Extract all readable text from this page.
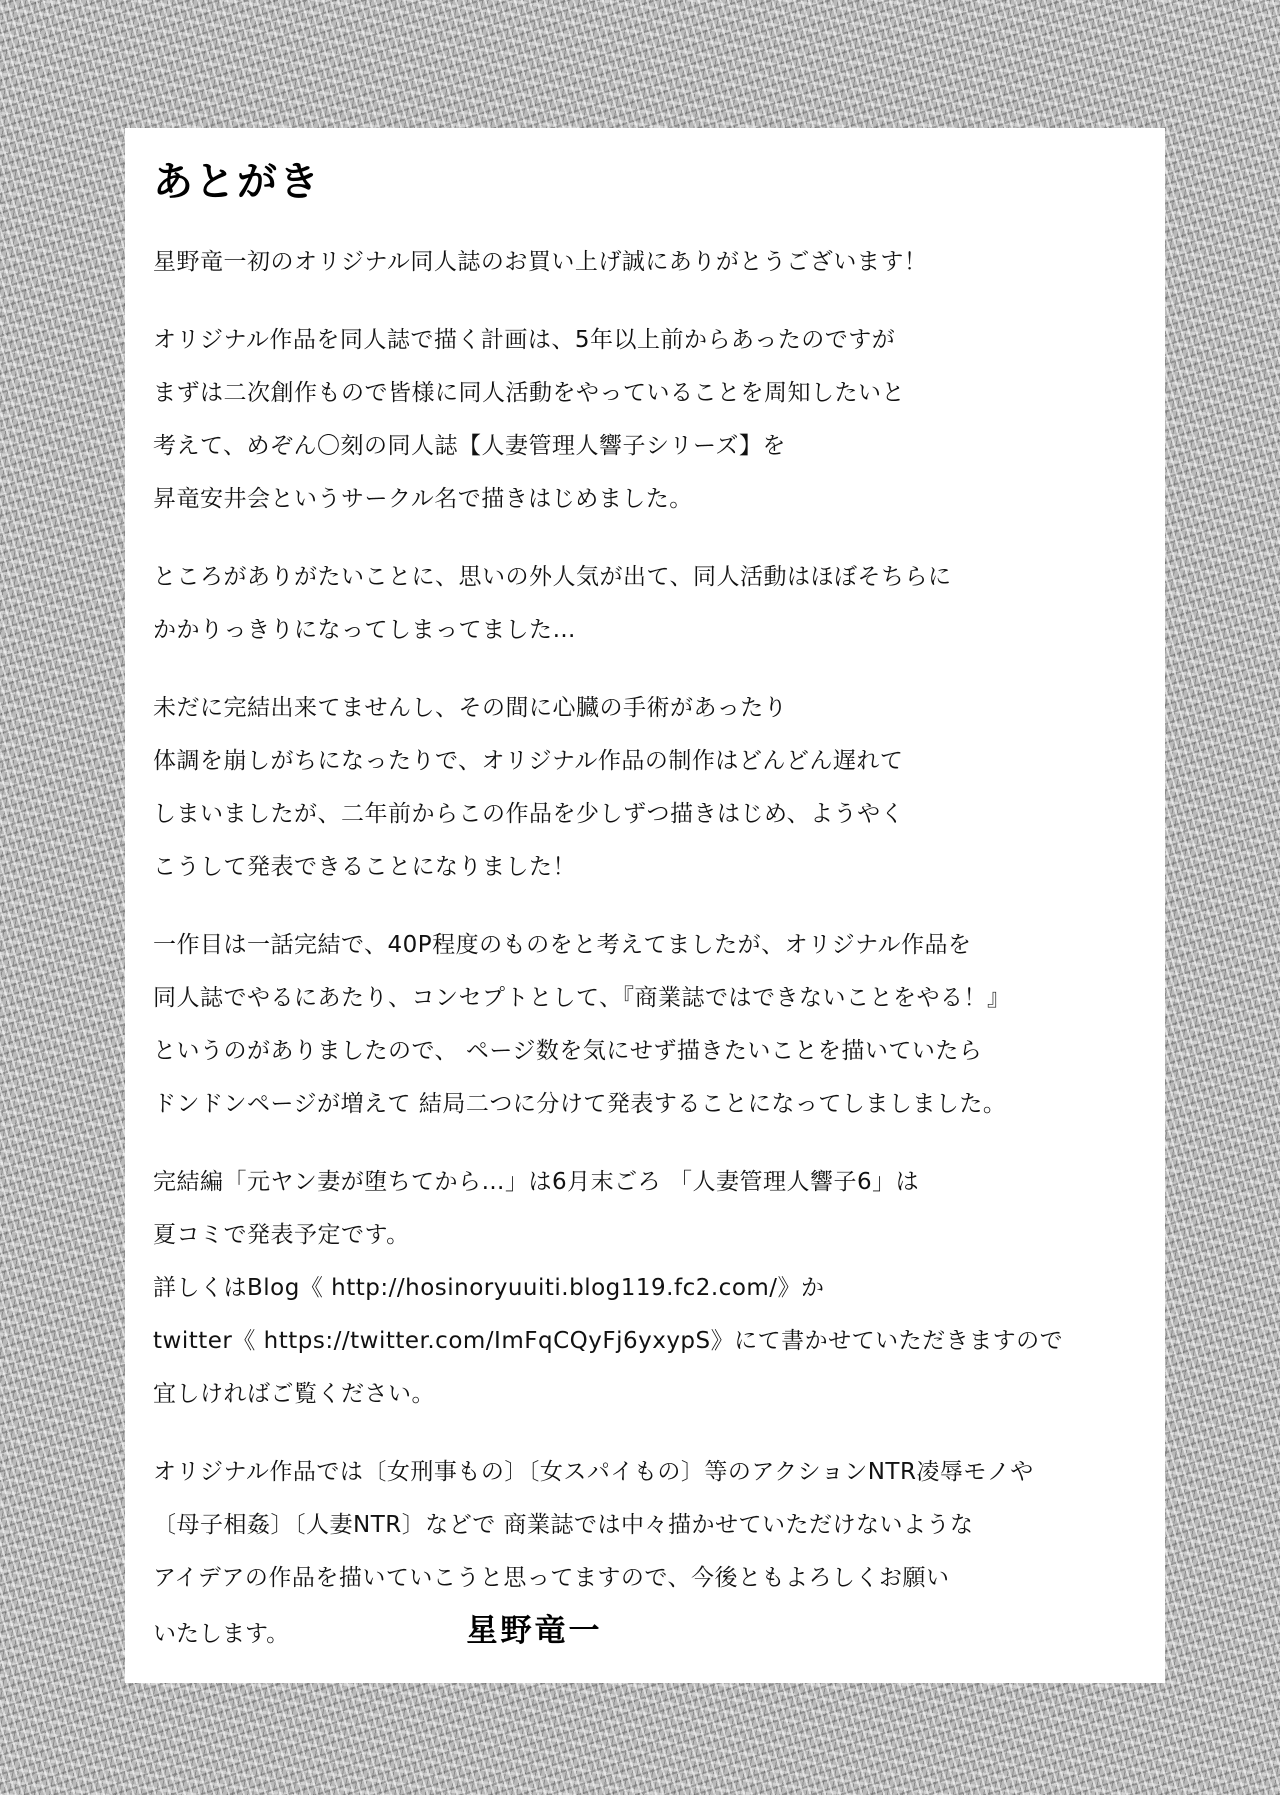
あとがき
星野竜一初のオリジナル同人誌のお買い上げ誠にありがとうございます！
オリジナル作品を同人誌で描く計画は、5年以上前からあったのですが
まずは二次創作もので皆様に同人活動をやっていることを周知したいと
考えて、めぞん〇刻の同人誌【人妻管理人響子シリーズ】を
昇竜安井会というサークル名で描きはじめました。
ところがありがたいことに、思いの外人気が出て、同人活動はほぼそちらに
かかりっきりになってしまってました…
未だに完結出来てませんし、その間に心臓の手術があったり
体調を崩しがちになったりで、オリジナル作品の制作はどんどん遅れて
しまいましたが、二年前からこの作品を少しずつ描きはじめ、ようやく
こうして発表できることになりました！
一作目は一話完結で、40P程度のものをと考えてましたが、オリジナル作品を
同人誌でやるにあたり、コンセプトとして、『商業誌ではできないことをやる！』
というのがありましたので、 ページ数を気にせず描きたいことを描いていたら
ドンドンページが増えて 結局二つに分けて発表することになってしましました。
完結編「元ヤン妻が堕ちてから…」は6月末ごろ 「人妻管理人響子6」は
夏コミで発表予定です。
詳しくはBlog《 http://hosinoryuuiti.blog119.fc2.com/》か
twitter《 https://twitter.com/ImFqCQyFj6yxypS》にて書かせていただきますので
宜しければご覧ください。
オリジナル作品では〔女刑事もの〕〔女スパイもの〕等のアクションNTR凌辱モノや
〔母子相姦〕〔人妻NTR〕などで 商業誌では中々描かせていただけないような
アイデアの作品を描いていこうと思ってますので、今後ともよろしくお願い
いたします。	星野竜一
